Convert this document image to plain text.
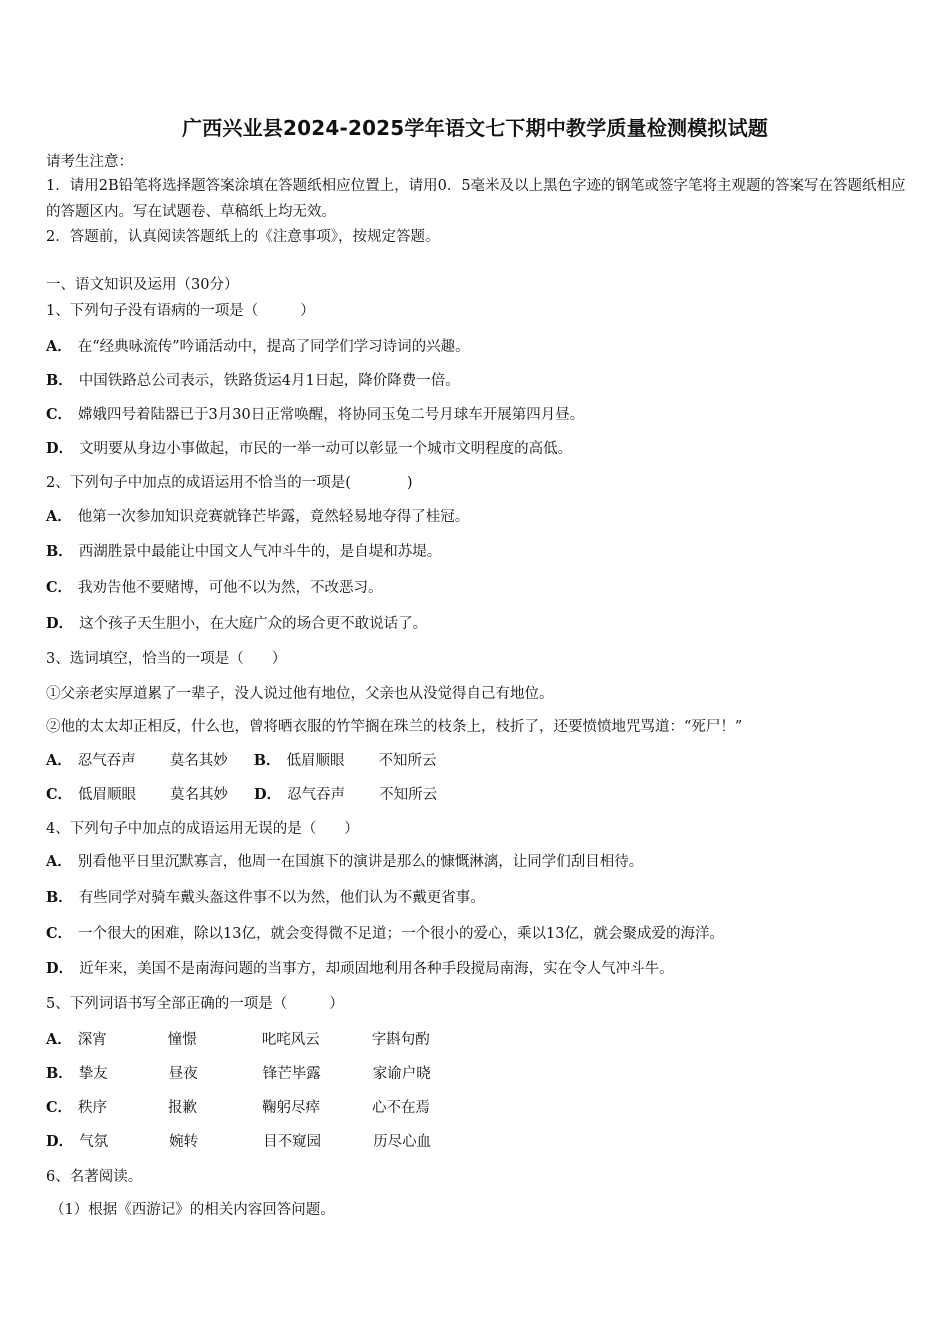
广西兴业县2024-2025学年语文七下期中教学质量检测模拟试题
请考生注意：
1．请用2B铅笔将选择题答案涂填在答题纸相应位置上，请用0．5毫米及以上黑色字迹的钢笔或签字笔将主观题的答案写在答题纸相应的答题区内。写在试题卷、草稿纸上均无效。
2．答题前，认真阅读答题纸上的《注意事项》，按规定答题。
一、语文知识及运用（30分）
1、下列句子没有语病的一项是（	）
A． 在“经典咏流传”吟诵活动中，提高了同学们学习诗词的兴趣。
B． 中国铁路总公司表示，铁路货运4月1日起，降价降费一倍。
C． 嫦娥四号着陆器已于3月30日正常唤醒，将协同玉兔二号月球车开展第四月昼。
D． 文明要从身边小事做起，市民的一举一动可以彰显一个城市文明程度的高低。
2、下列句子中加点的成语运用不恰当的一项是(	)
A． 他第一次参加知识竞赛就锋芒毕露，竟然轻易地夺得了桂冠。
B． 西湖胜景中最能让中国文人气冲斗牛的，是自堤和苏堤。
C． 我劝告他不要赌博，可他不以为然，不改恶习。
D． 这个孩子天生胆小，在大庭广众的场合更不敢说话了。
3、选词填空，恰当的一项是（ ）
①父亲老实厚道累了一辈子，没人说过他有地位，父亲也从没觉得自己有地位。
②他的太太却正相反，什么也，曾将晒衣服的竹竿搁在珠兰的枝条上，枝折了，还要愤愤地咒骂道：“死尸！”
A． 忍气吞声 莫名其妙 B． 低眉顺眼 不知所云
C． 低眉顺眼 莫名其妙 D． 忍气吞声 不知所云
4、下列句子中加点的成语运用无误的是（ ）
A． 别看他平日里沉默寡言，他周一在国旗下的演讲是那么的慷慨淋漓，让同学们刮目相待。
B． 有些同学对骑车戴头盔这件事不以为然，他们认为不戴更省事。
C． 一个很大的困难，除以13亿，就会变得微不足道；一个很小的爱心，乘以13亿，就会聚成爱的海洋。
D． 近年来，美国不是南海问题的当事方，却顽固地利用各种手段搅局南海，实在令人气冲斗牛。
5、下列词语书写全部正确的一项是（	）
A． 深宵	憧憬	叱咤风云	字斟句酌
B． 挚友	昼夜	锋芒毕露	家谕户晓
C． 秩序	报歉	鞠躬尽瘁	心不在焉
D． 气氛	婉转	目不窥园	历尽心血
6、名著阅读。
（1）根据《西游记》的相关内容回答问题。
